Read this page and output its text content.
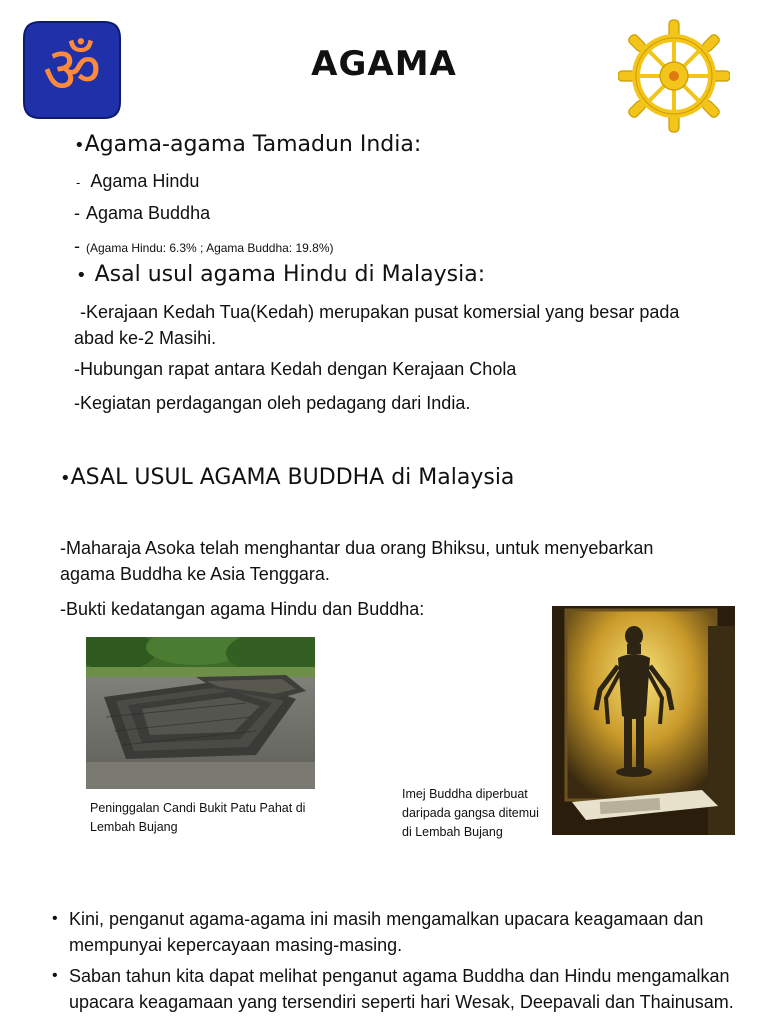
ॐ	AGAMA
•Agama-agama Tamadun India:
- Agama Hindu
- Agama Buddha
- (Agama Hindu: 6.3% ; Agama Buddha: 19.8%)
• Asal usul agama Hindu di Malaysia:
-Kerajaan Kedah Tua(Kedah) merupakan pusat komersial yang besar pada abad ke-2 Masihi.
-Hubungan rapat antara Kedah dengan Kerajaan Chola
-Kegiatan perdagangan oleh pedagang dari India.
•ASAL USUL AGAMA BUDDHA di Malaysia
-Maharaja Asoka telah menghantar dua orang Bhiksu, untuk menyebarkan agama Buddha ke Asia Tenggara.
-Bukti kedatangan agama Hindu dan Buddha:
Peninggalan Candi Bukit Patu Pahat di Lembah Bujang
Imej Buddha diperbuat daripada gangsa ditemui di Lembah Bujang
• Kini, penganut agama-agama ini masih mengamalkan upacara keagamaan dan mempunyai kepercayaan masing-masing.
• Saban tahun kita dapat melihat penganut agama Buddha dan Hindu mengamalkan upacara keagamaan yang tersendiri seperti hari Wesak, Deepavali dan Thainusam.
